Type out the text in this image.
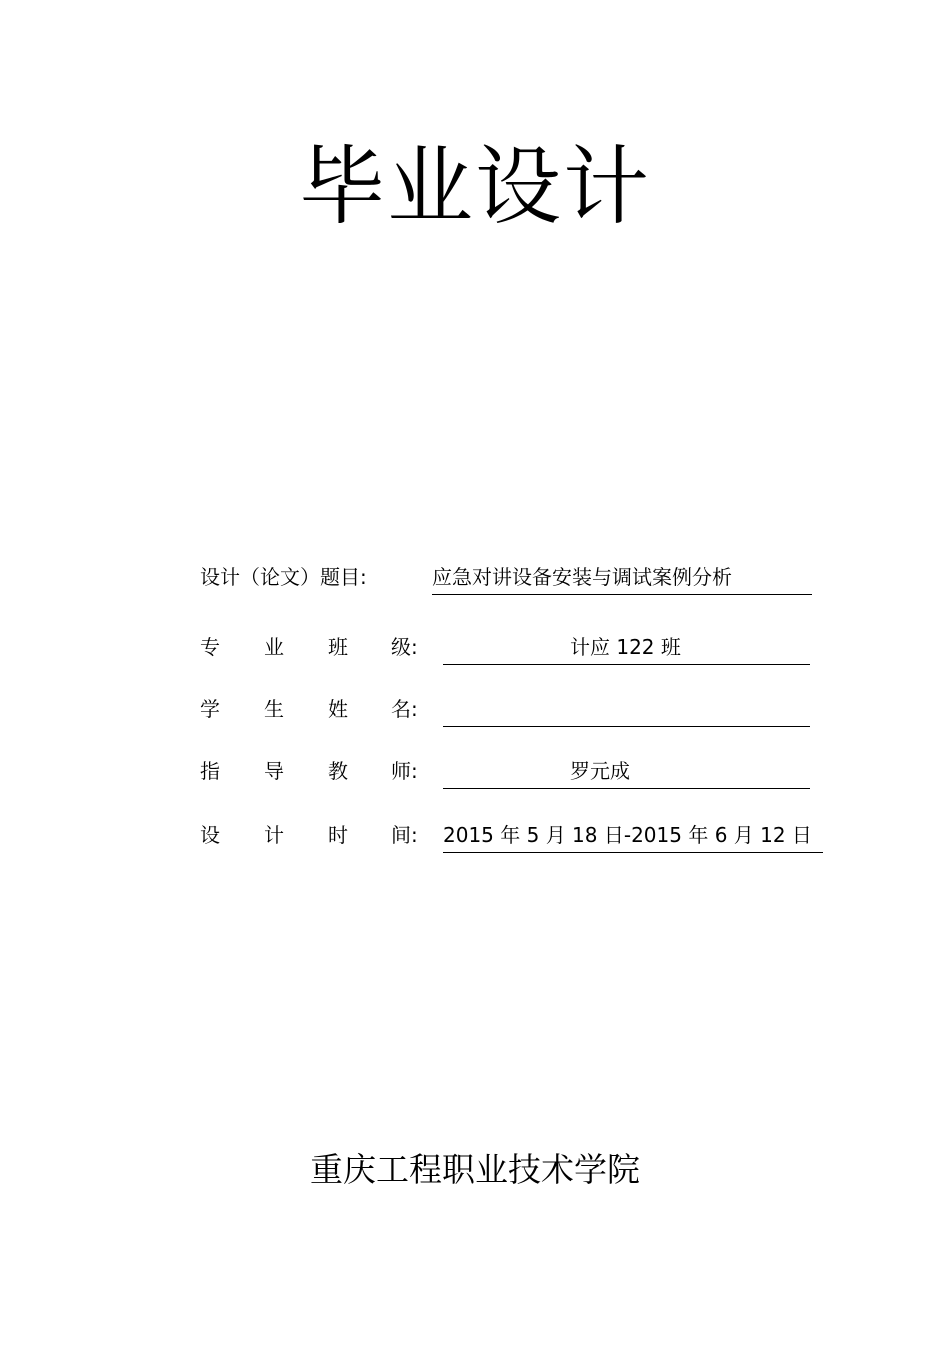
毕业设计
设计（论文）题目:	应急对讲设备安装与调试案例分析
专 业 班 级:	计应 122 班
学 生 姓 名:
指 导 教 师:	罗元成
设 计 时 间: 2015 年 5 月 18 日-2015 年 6 月 12 日
重庆工程职业技术学院
